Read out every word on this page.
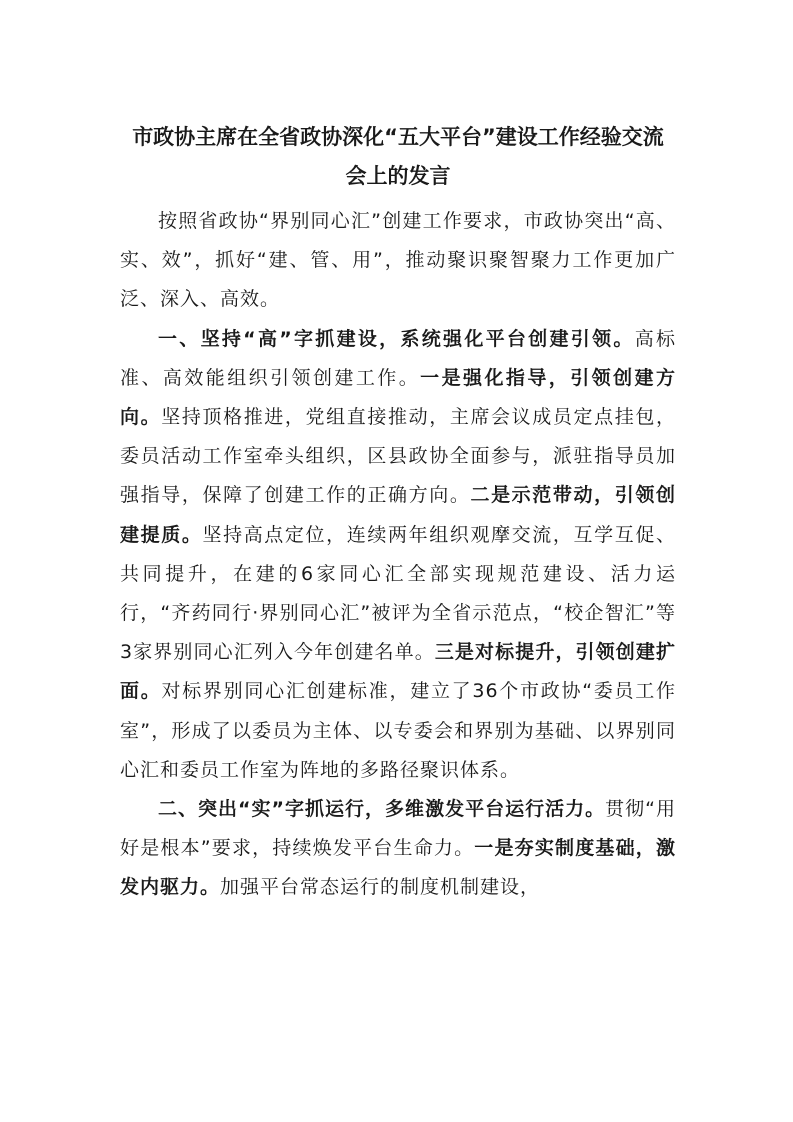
市政协主席在全省政协深化“五大平台”建设工作经验交流
会上的发言

按照省政协“界别同心汇”创建工作要求，市政协突出“高、实、效”，抓好“建、管、用”，推动聚识聚智聚力工作更加广泛、深入、高效。

一、坚持“高”字抓建设，系统强化平台创建引领。高标准、高效能组织引领创建工作。一是强化指导，引领创建方向。坚持顶格推进，党组直接推动，主席会议成员定点挂包，委员活动工作室牵头组织，区县政协全面参与，派驻指导员加强指导，保障了创建工作的正确方向。二是示范带动，引领创建提质。坚持高点定位，连续两年组织观摩交流，互学互促、共同提升，在建的6家同心汇全部实现规范建设、活力运行，“齐药同行·界别同心汇”被评为全省示范点，“校企智汇”等3家界别同心汇列入今年创建名单。三是对标提升，引领创建扩面。对标界别同心汇创建标准，建立了36个市政协“委员工作室”，形成了以委员为主体、以专委会和界别为基础、以界别同心汇和委员工作室为阵地的多路径聚识体系。

二、突出“实”字抓运行，多维激发平台运行活力。贯彻“用好是根本”要求，持续焕发平台生命力。一是夯实制度基础，激发内驱力。加强平台常态运行的制度机制建设，
